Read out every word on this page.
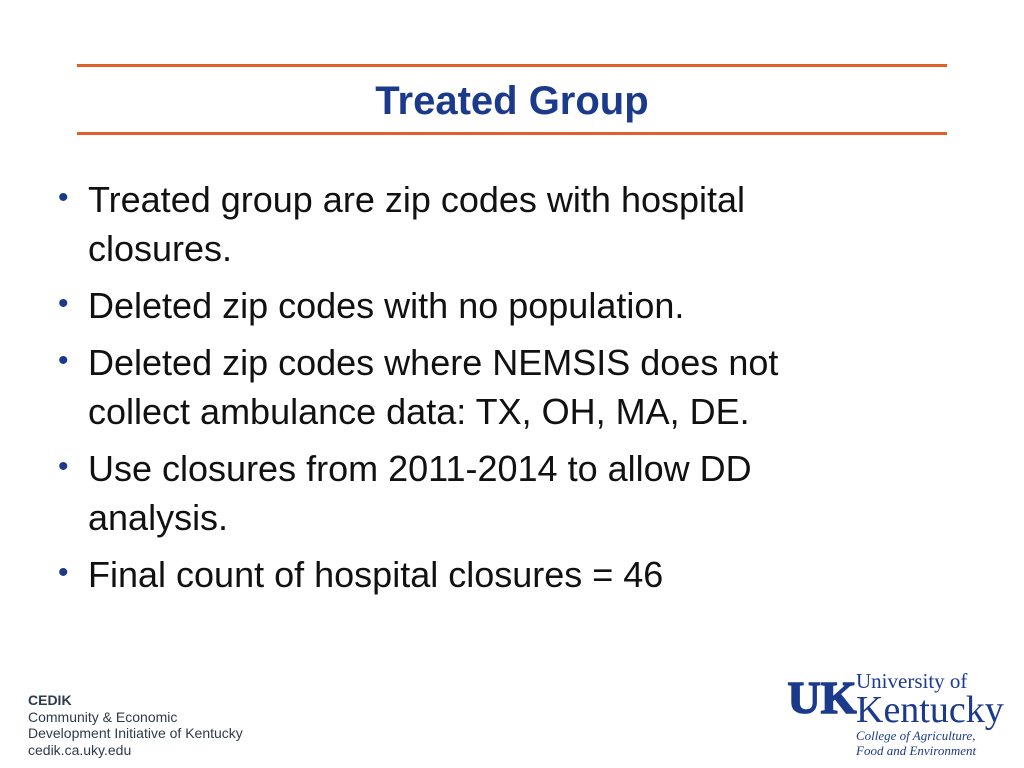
Treated Group
• Treated group are zip codes with hospital closures.
• Deleted zip codes with no population.
• Deleted zip codes where NEMSIS does not collect ambulance data: TX, OH, MA, DE.
• Use closures from 2011-2014 to allow DD analysis.
• Final count of hospital closures = 46
CEDIK
Community & Economic
Development Initiative of Kentucky
cedik.ca.uky.edu
UK University of
Kentucky
College of Agriculture,
Food and Environment
